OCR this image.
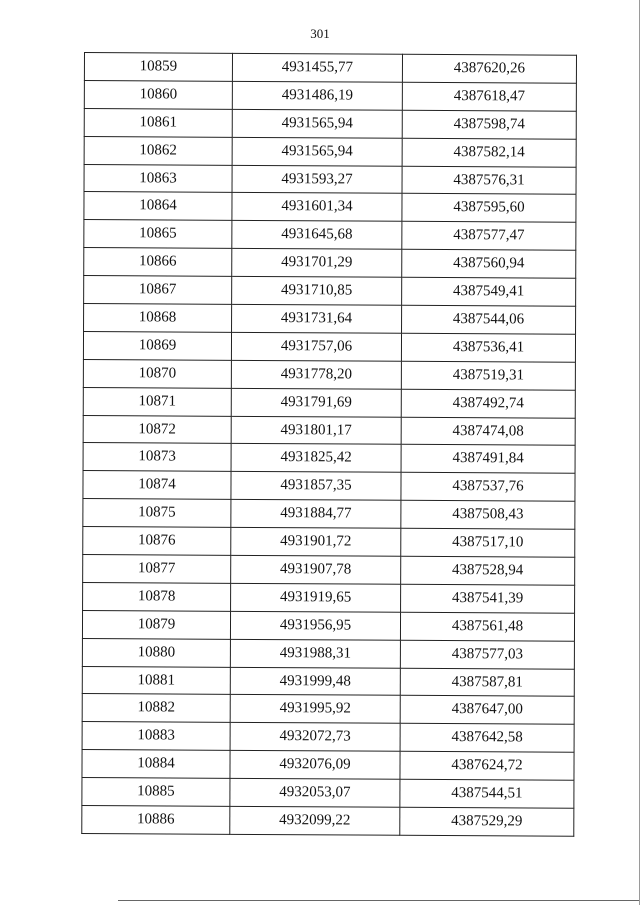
301
10859	4931455,77	4387620,26
10860	4931486,19	4387618,47
10861	4931565,94	4387598,74
10862	4931565,94	4387582,14
10863	4931593,27	4387576,31
10864	4931601,34	4387595,60
10865	4931645,68	4387577,47
10866	4931701,29	4387560,94
10867	4931710,85	4387549,41
10868	4931731,64	4387544,06
10869	4931757,06	4387536,41
10870	4931778,20	4387519,31
10871	4931791,69	4387492,74
10872	4931801,17	4387474,08
10873	4931825,42	4387491,84
10874	4931857,35	4387537,76
10875	4931884,77	4387508,43
10876	4931901,72	4387517,10
10877	4931907,78	4387528,94
10878	4931919,65	4387541,39
10879	4931956,95	4387561,48
10880	4931988,31	4387577,03
10881	4931999,48	4387587,81
10882	4931995,92	4387647,00
10883	4932072,73	4387642,58
10884	4932076,09	4387624,72
10885	4932053,07	4387544,51
10886	4932099,22	4387529,29
